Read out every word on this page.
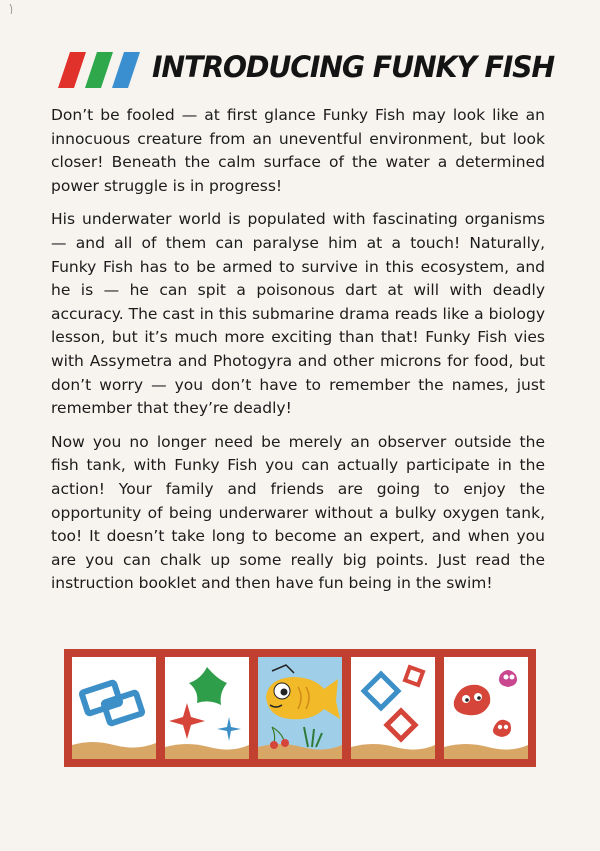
INTRODUCING FUNKY FISH

Don’t be fooled — at first glance Funky Fish may look like an innocuous creature from an uneventful environment, but look closer! Beneath the calm surface of the water a determined power struggle is in progress!

His underwater world is populated with fascinating organisms — and all of them can paralyse him at a touch! Naturally, Funky Fish has to be armed to survive in this ecosystem, and he is — he can spit a poisonous dart at will with deadly accuracy. The cast in this submarine drama reads like a biology lesson, but it’s much more exciting than that! Funky Fish vies with Assymetra and Photogyra and other microns for food, but don’t worry — you don’t have to remember the names, just remember that they’re deadly!

Now you no longer need be merely an observer outside the fish tank, with Funky Fish you can actually participate in the action! Your family and friends are going to enjoy the opportunity of being underwarer without a bulky oxygen tank, too! It doesn’t take long to become an expert, and when you are you can chalk up some really big points. Just read the instruction booklet and then have fun being in the swim!
